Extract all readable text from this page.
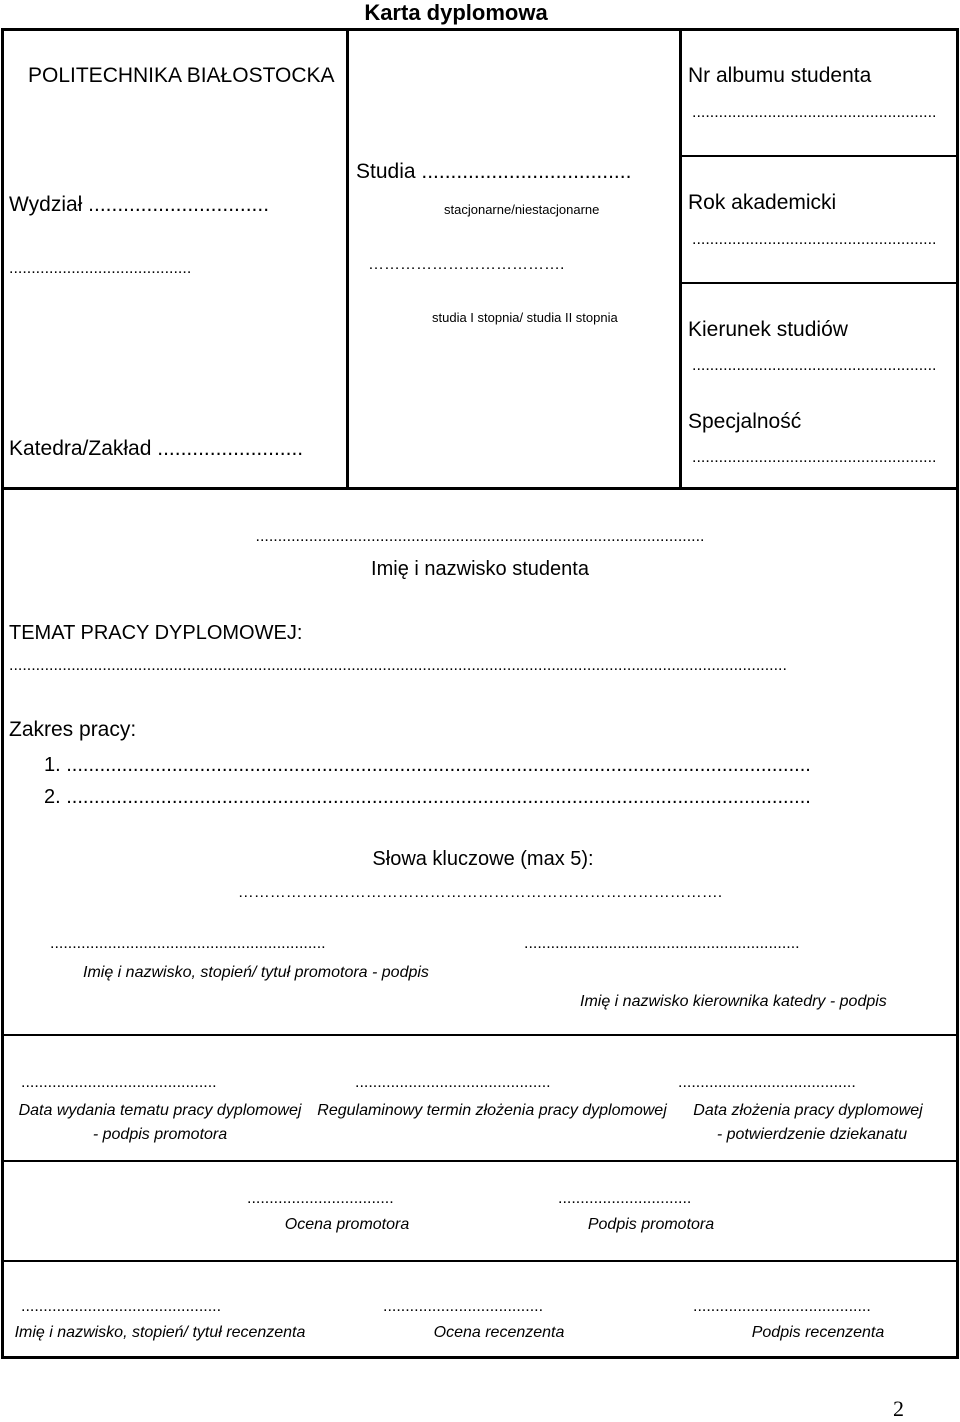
Karta dyplomowa
POLITECHNIKA BIAŁOSTOCKA
Wydział ...............................
.........................................
Katedra/Zakład .........................
Studia ....................................
stacjonarne/niestacjonarne
……………………………….
studia I stopnia/ studia II stopnia
Nr albumu studenta
.......................................................
Rok akademicki
.......................................................
Kierunek studiów
.......................................................
Specjalność
.......................................................
.....................................................................................................
Imię i nazwisko studenta
TEMAT PRACY DYPLOMOWEJ:
...............................................................................................................................................................................
Zakres pracy:
1. ......................................................................................................................................
2. ......................................................................................................................................
Słowa kluczowe (max 5):
……………………………………………………………………………….
..............................................................
Imię i nazwisko, stopień/ tytuł promotora - podpis
..............................................................
Imię i nazwisko kierownika katedry - podpis
............................................
Data wydania tematu pracy dyplomowej
- podpis promotora
............................................
Regulaminowy termin złożenia pracy dyplomowej
........................................
Data złożenia pracy dyplomowej
- potwierdzenie dziekanatu
.................................
Ocena promotora
..............................
Podpis promotora
.............................................
Imię i nazwisko, stopień/ tytuł recenzenta
....................................
Ocena recenzenta
........................................
Podpis recenzenta
2
